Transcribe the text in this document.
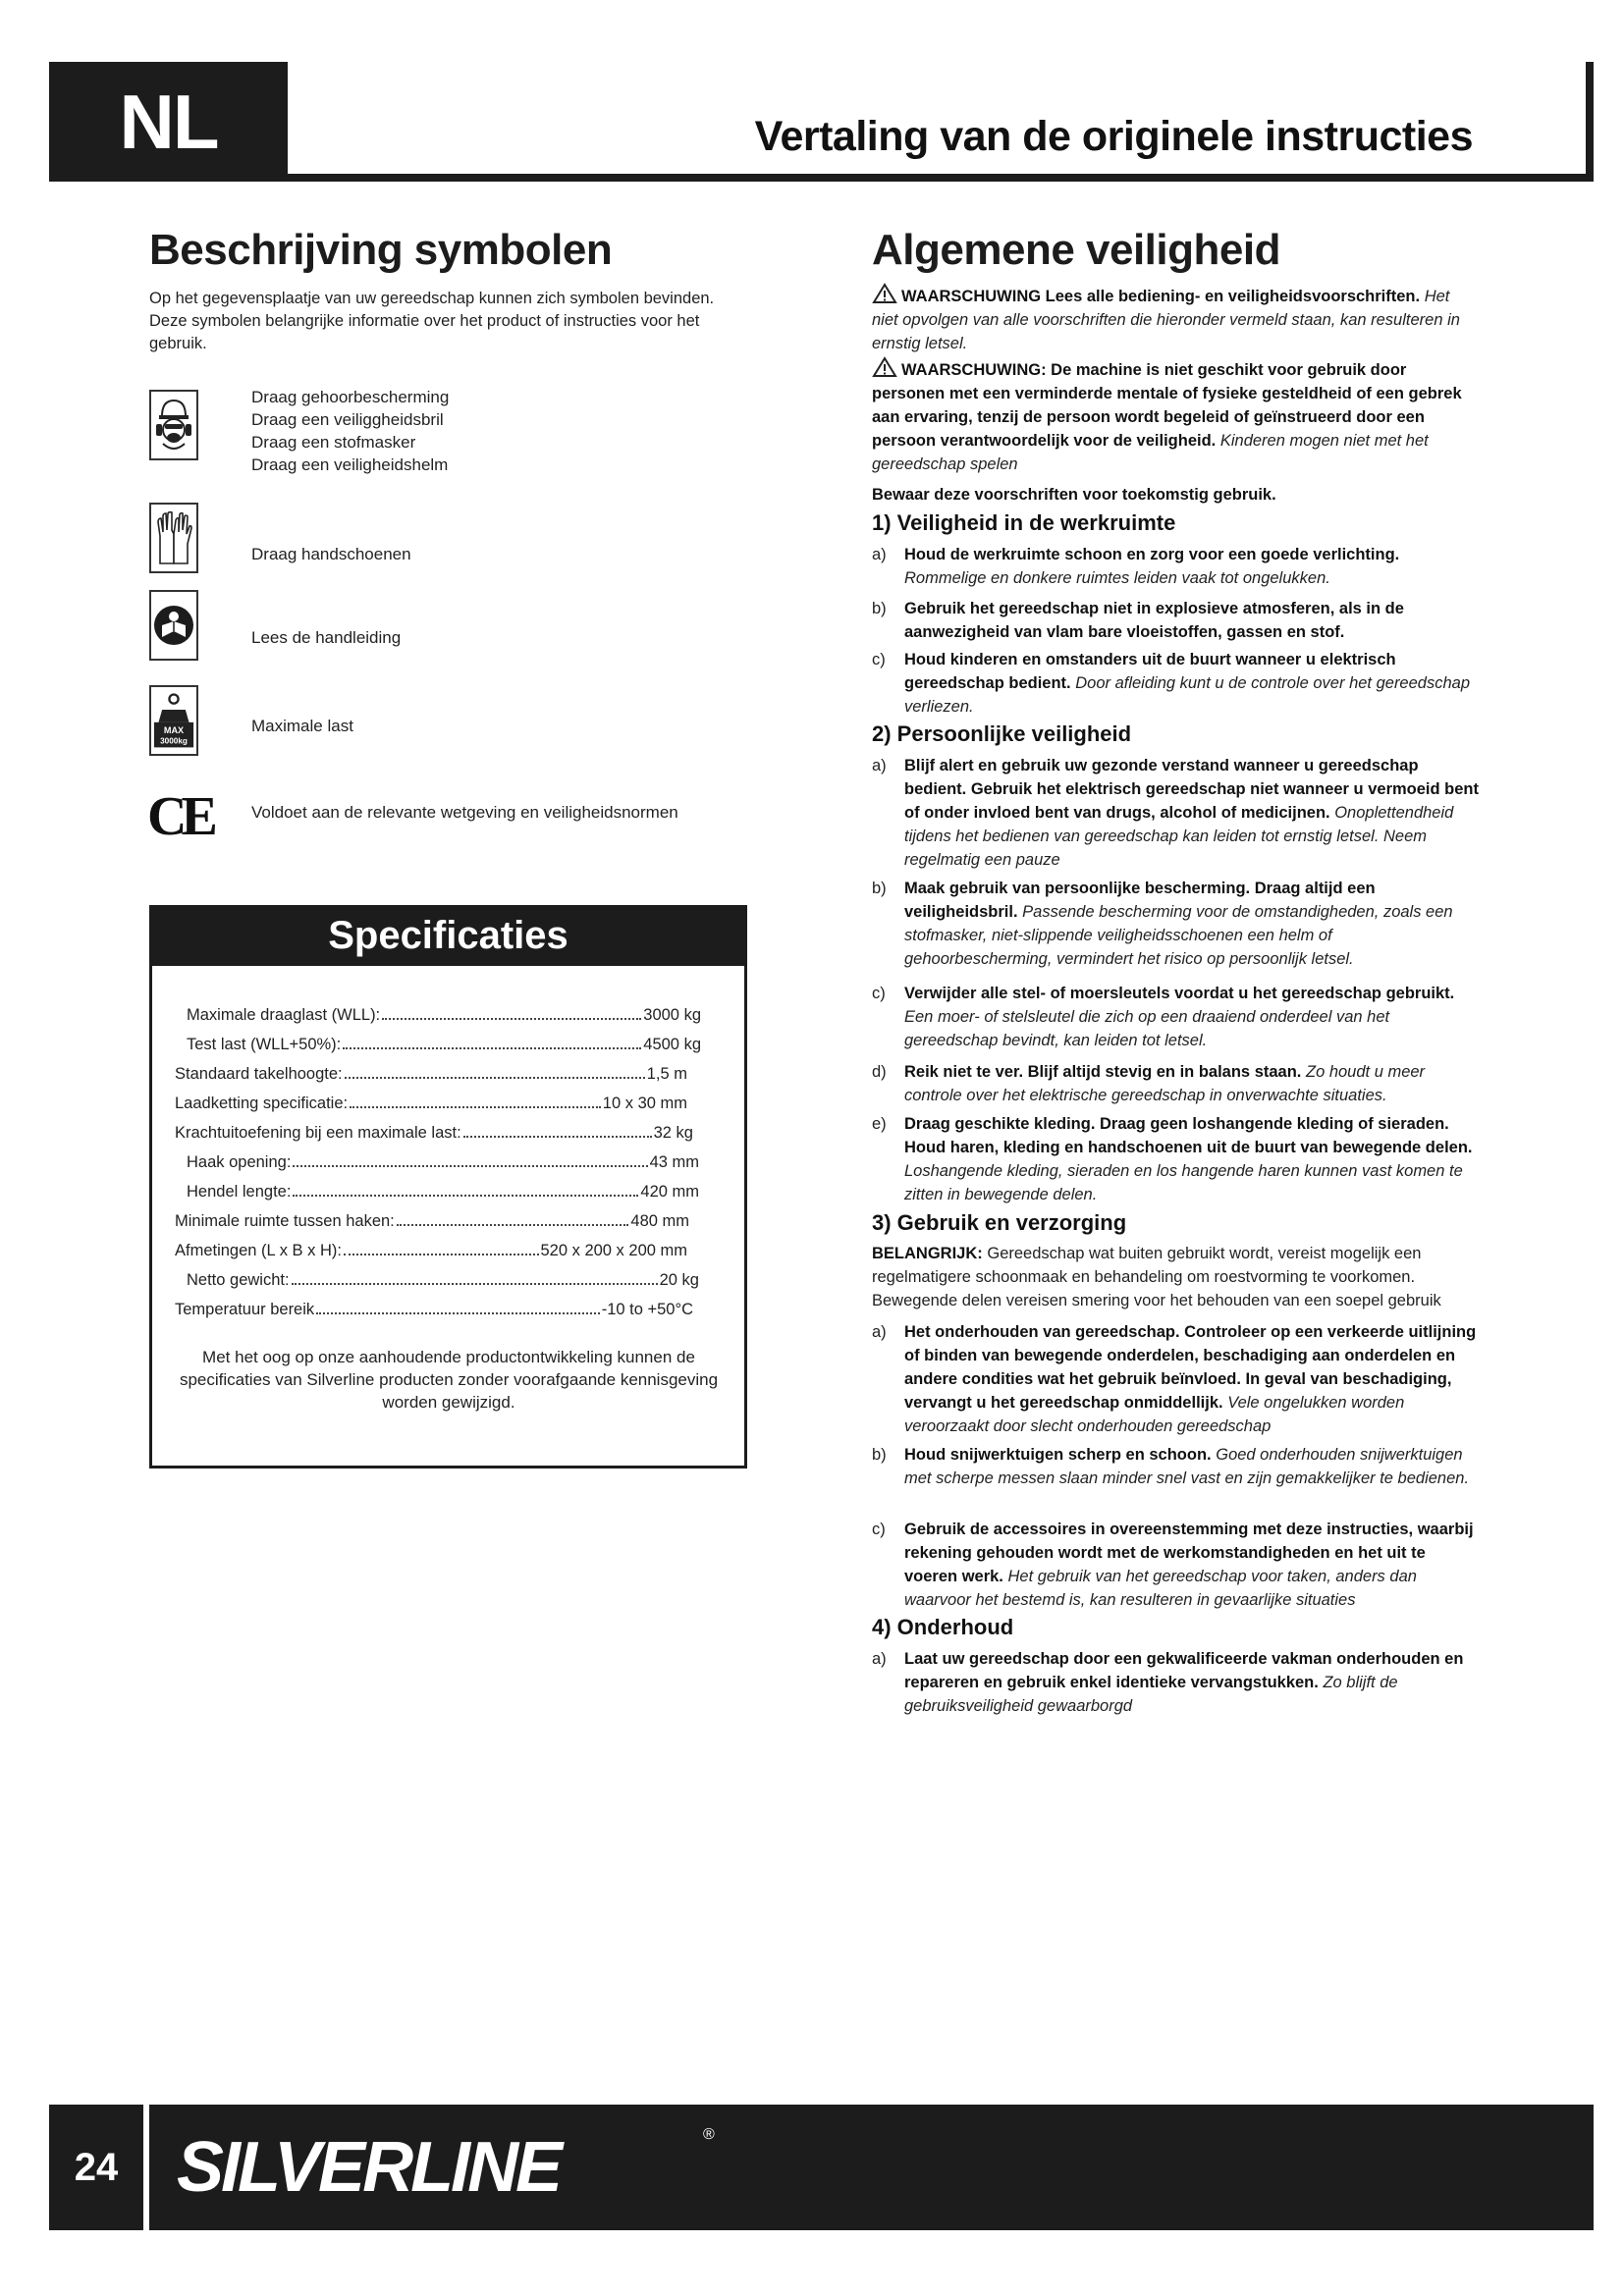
NL	Vertaling van de originele instructies
Beschrijving symbolen
Op het gegevensplaatje van uw gereedschap kunnen zich symbolen bevinden. Deze symbolen belangrijke informatie over het product of instructies voor het gebruik.
Draag gehoorbescherming
Draag een veiliggheidsbril
Draag een stofmasker
Draag een veiligheidshelm
Draag handschoenen
Lees de handleiding
MAX
3000kg
Maximale last
CE Voldoet aan de relevante wetgeving en veiligheidsnormen
Specificaties
Maximale draaglast (WLL):	3000 kg
Test last (WLL+50%):	4500 kg
Standaard takelhoogte:	1,5 m
Laadketting specificatie:	10 x 30 mm
Krachtuitoefening bij een maximale last:	32 kg
Haak opening:	43 mm
Hendel lengte:	420 mm
Minimale ruimte tussen haken:	480 mm
Afmetingen (L x B x H):	520 x 200 x 200 mm
Netto gewicht:	20 kg
Temperatuur bereik	-10 to +50°C
Met het oog op onze aanhoudende productontwikkeling kunnen de specificaties van Silverline producten zonder voorafgaande kennisgeving worden gewijzigd.
Algemene veiligheid
WAARSCHUWING Lees alle bediening- en veiligheidsvoorschriften. Het niet opvolgen van alle voorschriften die hieronder vermeld staan, kan resulteren in ernstig letsel.
WAARSCHUWING: De machine is niet geschikt voor gebruik door personen met een verminderde mentale of fysieke gesteldheid of een gebrek aan ervaring, tenzij de persoon wordt begeleid of geïnstrueerd door een persoon verantwoordelijk voor de veiligheid. Kinderen mogen niet met het gereedschap spelen
Bewaar deze voorschriften voor toekomstig gebruik.
1) Veiligheid in de werkruimte
a) Houd de werkruimte schoon en zorg voor een goede verlichting.
Rommelige en donkere ruimtes leiden vaak tot ongelukken.
b) Gebruik het gereedschap niet in explosieve atmosferen, als in de aanwezigheid van vlam bare vloeistoffen, gassen en stof.
c) Houd kinderen en omstanders uit de buurt wanneer u elektrisch gereedschap bedient. Door afleiding kunt u de controle over het gereedschap verliezen.
2) Persoonlijke veiligheid
a) Blijf alert en gebruik uw gezonde verstand wanneer u gereedschap bedient. Gebruik het elektrisch gereedschap niet wanneer u vermoeid bent of onder invloed bent van drugs, alcohol of medicijnen. Onoplettendheid tijdens het bedienen van gereedschap kan leiden tot ernstig letsel. Neem regelmatig een pauze
b) Maak gebruik van persoonlijke bescherming. Draag altijd een veiligheidsbril. Passende bescherming voor de omstandigheden, zoals een stofmasker, niet-slippende veiligheidsschoenen een helm of gehoorbescherming, vermindert het risico op persoonlijk letsel.
c) Verwijder alle stel- of moersleutels voordat u het gereedschap gebruikt. Een moer- of stelsleutel die zich op een draaiend onderdeel van het gereedschap bevindt, kan leiden tot letsel.
d) Reik niet te ver. Blijf altijd stevig en in balans staan. Zo houdt u meer controle over het elektrische gereedschap in onverwachte situaties.
e) Draag geschikte kleding. Draag geen loshangende kleding of sieraden. Houd haren, kleding en handschoenen uit de buurt van bewegende delen. Loshangende kleding, sieraden en los hangende haren kunnen vast komen te zitten in bewegende delen.
3) Gebruik en verzorging
BELANGRIJK: Gereedschap wat buiten gebruikt wordt, vereist mogelijk een regelmatigere schoonmaak en behandeling om roestvorming te voorkomen.
Bewegende delen vereisen smering voor het behouden van een soepel gebruik
a) Het onderhouden van gereedschap. Controleer op een verkeerde uitlijning of binden van bewegende onderdelen, beschadiging aan onderdelen en andere condities wat het gebruik beïnvloed. In geval van beschadiging, vervangt u het gereedschap onmiddellijk. Vele ongelukken worden veroorzaakt door slecht onderhouden gereedschap
b) Houd snijwerktuigen scherp en schoon. Goed onderhouden snijwerktuigen met scherpe messen slaan minder snel vast en zijn gemakkelijker te bedienen.
c) Gebruik de accessoires in overeenstemming met deze instructies, waarbij rekening gehouden wordt met de werkomstandigheden en het uit te voeren werk. Het gebruik van het gereedschap voor taken, anders dan waarvoor het bestemd is, kan resulteren in gevaarlijke situaties
4) Onderhoud
a) Laat uw gereedschap door een gekwalificeerde vakman onderhouden en repareren en gebruik enkel identieke vervangstukken. Zo blijft de gebruiksveiligheid gewaarborgd
24 SILVERLINE	®
